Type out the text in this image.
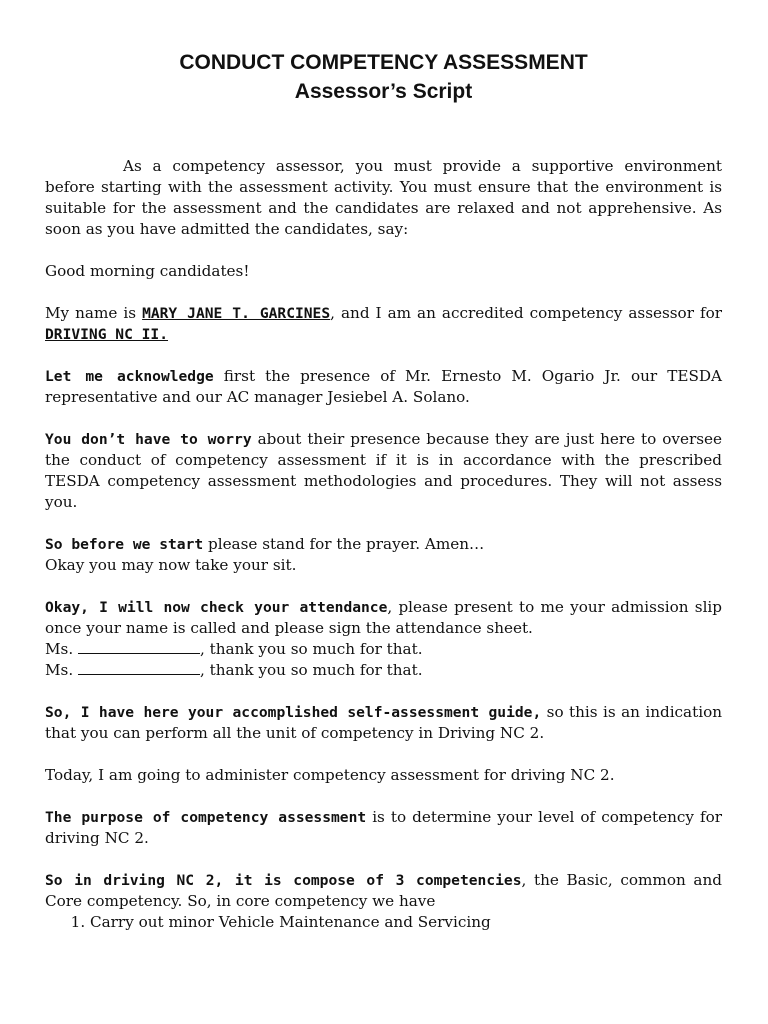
CONDUCT COMPETENCY ASSESSMENT
Assessor’s Script

As a competency assessor, you must provide a supportive environment before starting with the assessment activity. You must ensure that the environment is suitable for the assessment and the candidates are relaxed and not apprehensive. As soon as you have admitted the candidates, say:

Good morning candidates!

My name is MARY JANE T. GARCINES, and I am an accredited competency assessor for DRIVING NC II.

Let me acknowledge first the presence of Mr. Ernesto M. Ogario Jr. our TESDA representative and our AC manager Jesiebel A. Solano.

You don’t have to worry about their presence because they are just here to oversee the conduct of competency assessment if it is in accordance with the prescribed TESDA competency assessment methodologies and procedures. They will not assess you.

So before we start please stand for the prayer. Amen…

Okay you may now take your sit.

Okay, I will now check your attendance, please present to me your admission slip once your name is called and please sign the attendance sheet.

Ms.	, thank you so much for that.

Ms.	, thank you so much for that.

So, I have here your accomplished self-assessment guide, so this is an indication that you can perform all the unit of competency in Driving NC 2.

Today, I am going to administer competency assessment for driving NC 2.

The purpose of competency assessment is to determine your level of competency for driving NC 2.

So in driving NC 2, it is compose of 3 competencies, the Basic, common and Core competency. So, in core competency we have

1. Carry out minor Vehicle Maintenance and Servicing
